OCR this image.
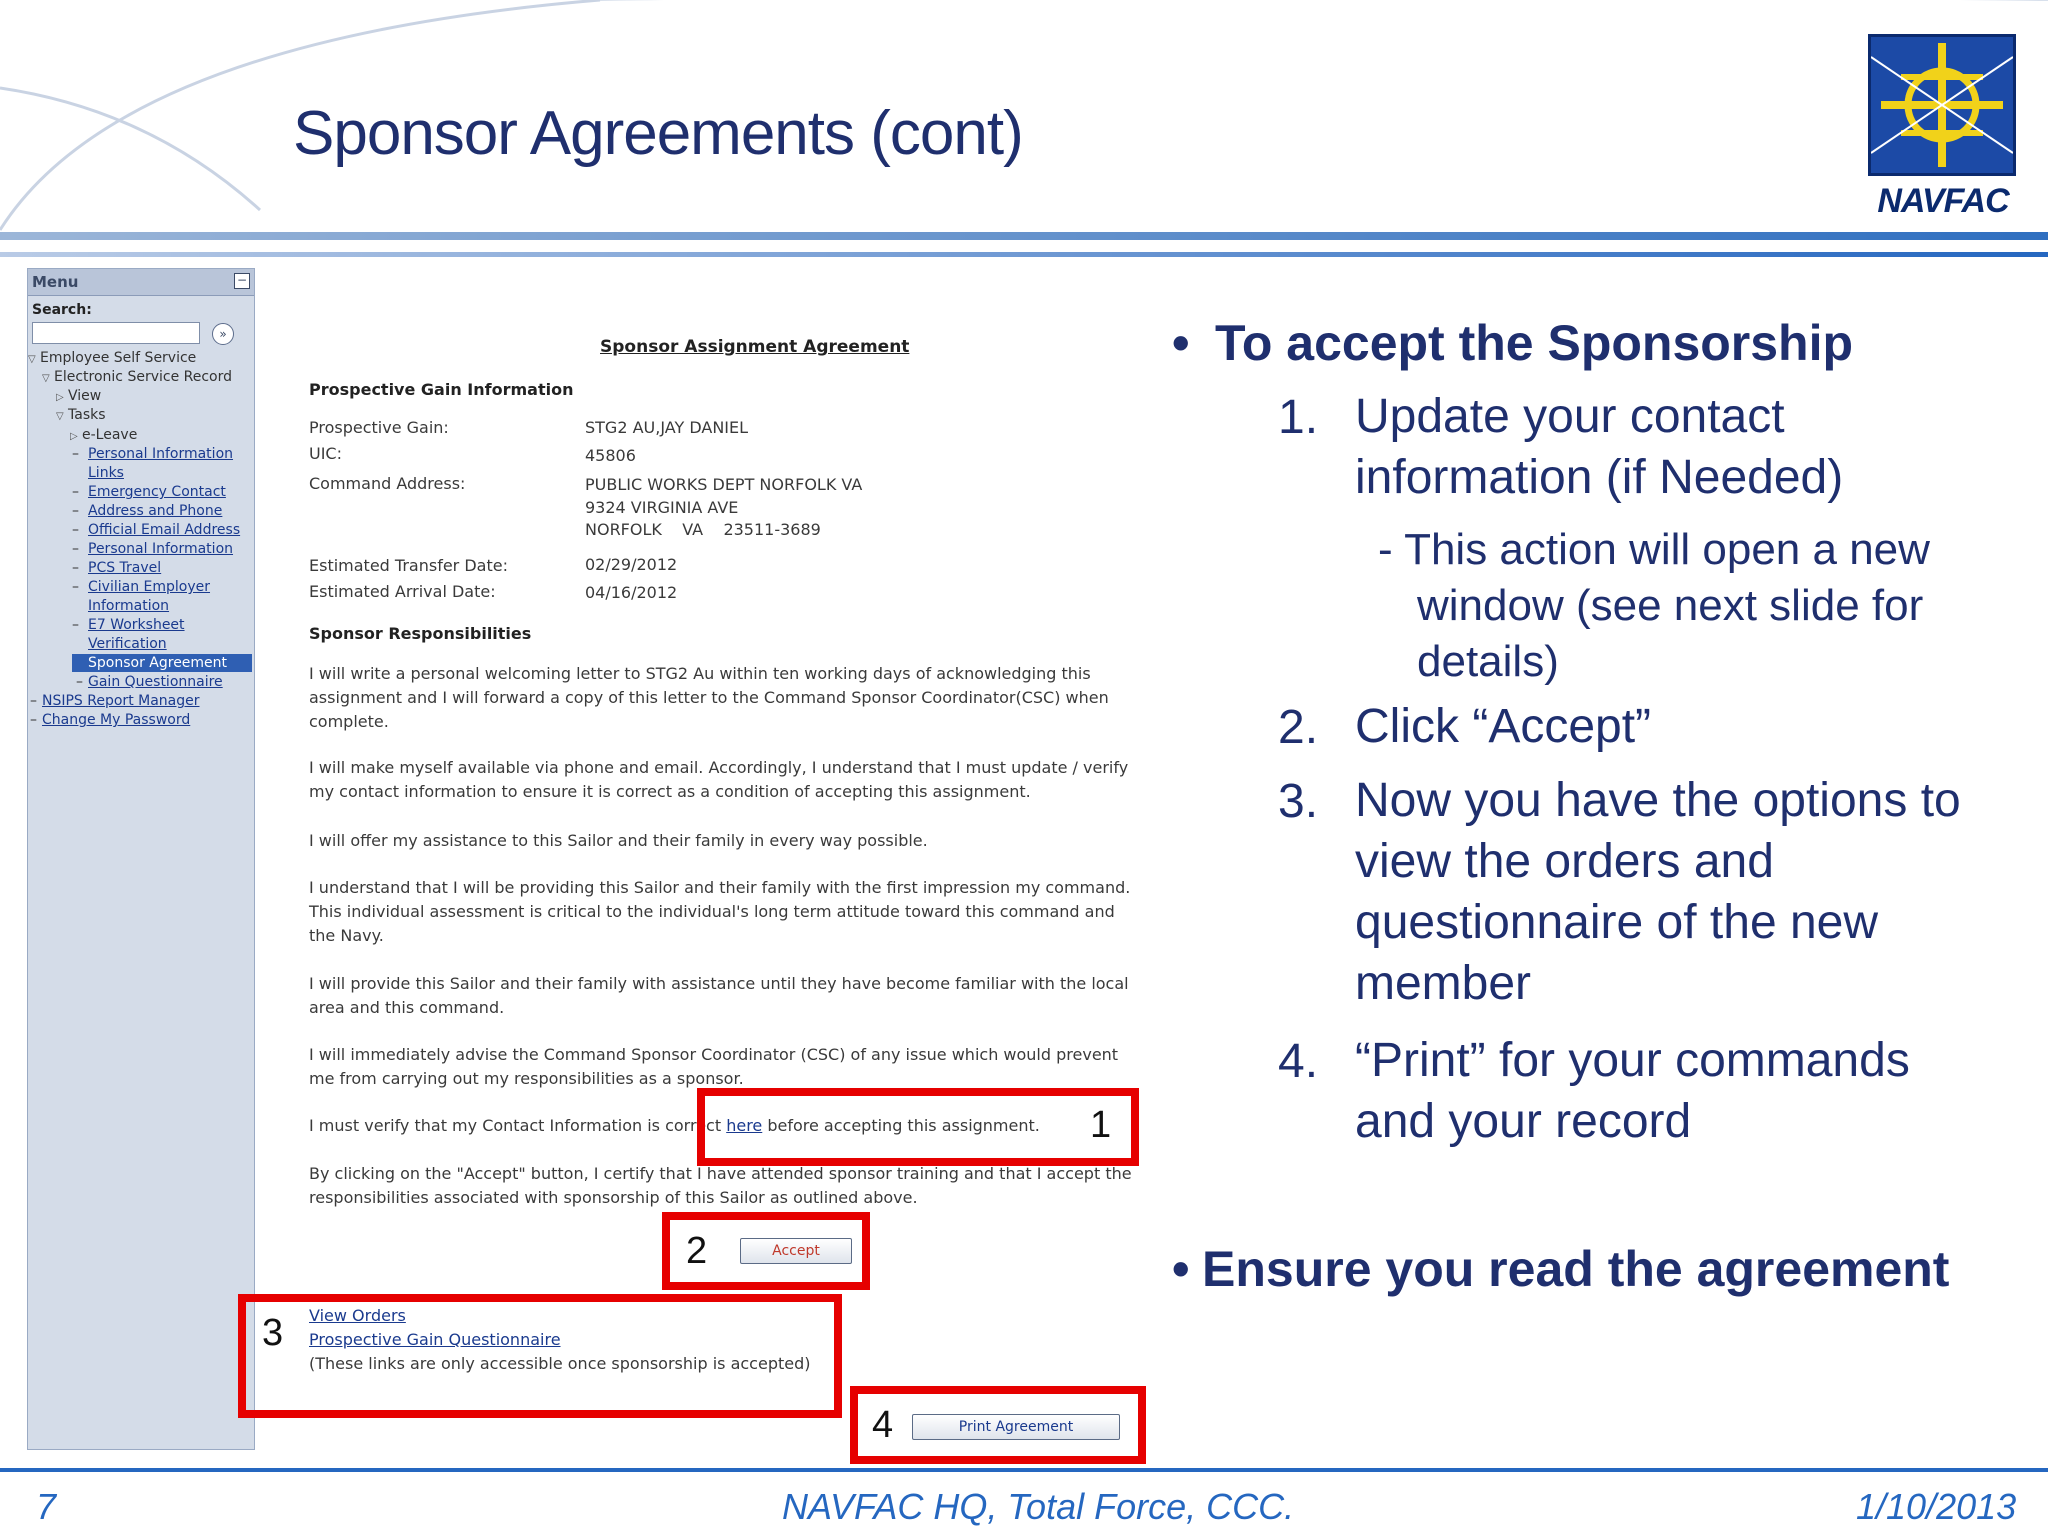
Sponsor Agreements (cont)
NAVFAC
Menu	−
Search:
»
▽ Employee Self Service
▽ Electronic Service Record
▷ View
▽ Tasks
▷ e-Leave
– Personal Information
Links
– Emergency Contact
– Address and Phone
– Official Email Address
– Personal Information
– PCS Travel
– Civilian Employer
Information
– E7 Worksheet
Verification
Sponsor Agreement
– Gain Questionnaire
– NSIPS Report Manager
– Change My Password
Sponsor Assignment Agreement
Prospective Gain Information
Prospective Gain:	STG2 AU,JAY DANIEL
UIC:	45806
Command Address:	PUBLIC WORKS DEPT NORFOLK VA
9324 VIRGINIA AVE
NORFOLK    VA    23511-3689
Estimated Transfer Date:	02/29/2012
Estimated Arrival Date:	04/16/2012
Sponsor Responsibilities
I will write a personal welcoming letter to STG2 Au within ten working days of acknowledging this assignment and I will forward a copy of this letter to the Command Sponsor Coordinator(CSC) when complete.
I will make myself available via phone and email. Accordingly, I understand that I must update / verify my contact information to ensure it is correct as a condition of accepting this assignment.
I will offer my assistance to this Sailor and their family in every way possible.
I understand that I will be providing this Sailor and their family with the first impression my command. This individual assessment is critical to the individual's long term attitude toward this command and the Navy.
I will provide this Sailor and their family with assistance until they have become familiar with the local area and this command.
I will immediately advise the Command Sponsor Coordinator (CSC) of any issue which would prevent me from carrying out my responsibilities as a sponsor.
I must verify that my Contact Information is correct here before accepting this assignment.
By clicking on the "Accept" button, I certify that I have attended sponsor training and that I accept the responsibilities associated with sponsorship of this Sailor as outlined above.
View Orders
Prospective Gain Questionnaire
(These links are only accessible once sponsorship is accepted)
Accept
Print Agreement
1
2
3
4
• To accept the Sponsorship
1. Update your contact information (if Needed)
- This action will open a new
window (see next slide for
details)
2. Click “Accept”
3. Now you have the options to view the orders and questionnaire of the new member
4. “Print” for your commands and your record
• Ensure you read the agreement
7	NAVFAC HQ, Total Force, CCC.	1/10/2013
